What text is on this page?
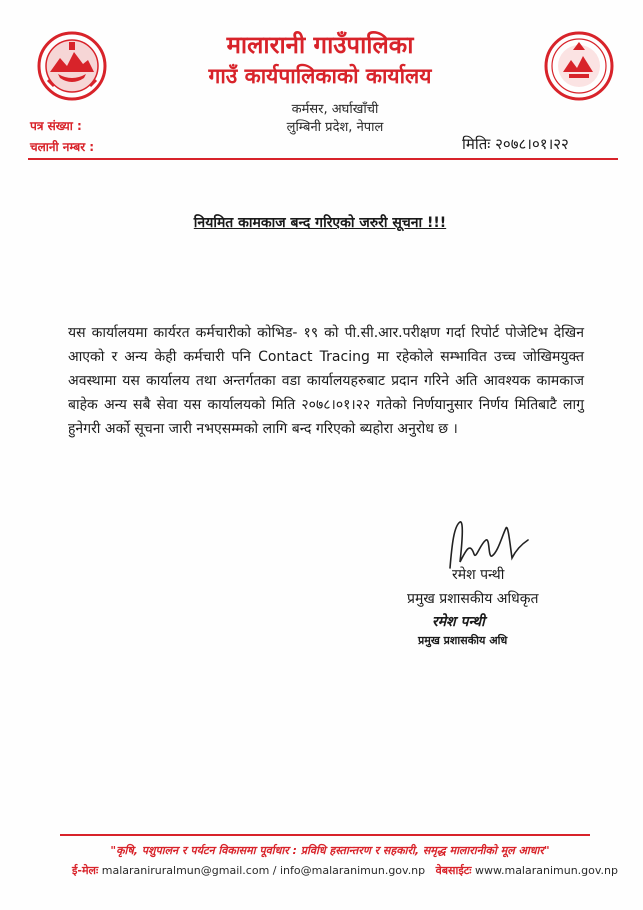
मालारानी गाउँपालिका
गाउँ कार्यपालिकाको कार्यालय
कर्मसर, अर्घाखाँची
लुम्बिनी प्रदेश, नेपाल
पत्र संख्या :
चलानी नम्बर :	मितिः २०७८।०१।२२
नियमित कामकाज बन्द गरिएको जरुरी सूचना !!!
यस कार्यालयमा कार्यरत कर्मचारीको कोभिड- १९ को पी.सी.आर.परीक्षण गर्दा रिपोर्ट पोजेटिभ देखिन आएको र अन्य केही कर्मचारी पनि Contact Tracing मा रहेकोले सम्भावित उच्च जोखिमयुक्त अवस्थामा यस कार्यालय तथा अन्तर्गतका वडा कार्यालयहरुबाट प्रदान गरिने अति आवश्यक कामकाज बाहेक अन्य सबै सेवा यस कार्यालयको मिति २०७८।०१।२२ गतेको निर्णयानुसार निर्णय मितिबाटै लागु हुनेगरी अर्को सूचना जारी नभएसम्मको लागि बन्द गरिएको ब्यहोरा अनुरोध छ ।
रमेश पन्थी
प्रमुख प्रशासकीय अधिकृत
रमेश पन्थी
प्रमुख प्रशासकीय अधि
"कृषि, पशुपालन र पर्यटन विकासमा पूर्वाधार : प्रविधि हस्तान्तरण र सहकारी, समृद्ध मालारानीको मूल आधार"
ई-मेलः malaraniruralmun@gmail.com / info@malaranimun.gov.np वेबसाईटः www.malaranimun.gov.np
